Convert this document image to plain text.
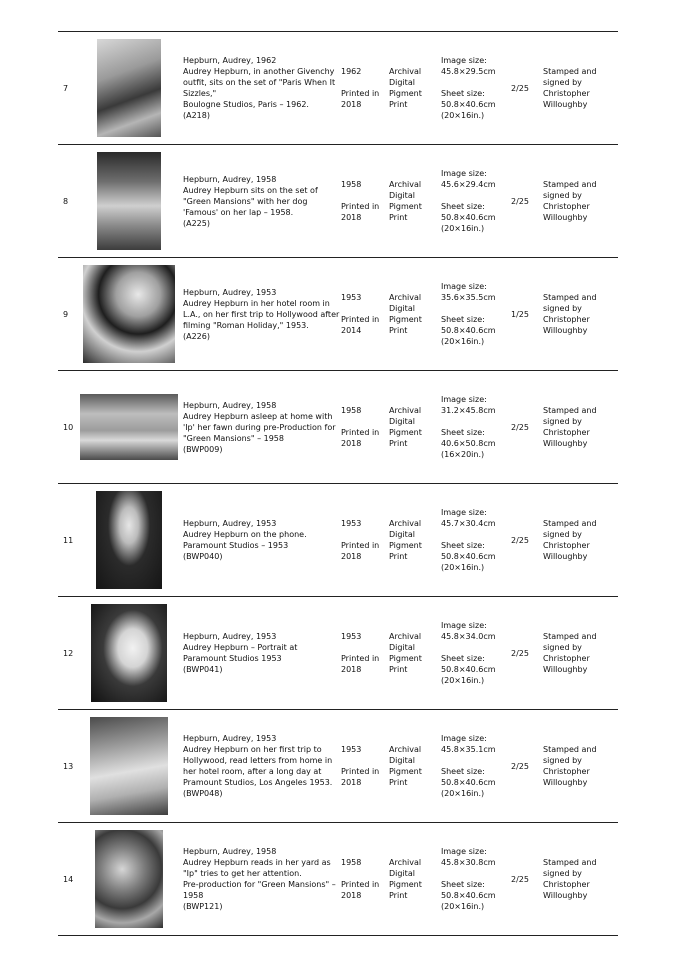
7
Hepburn, Audrey, 1962
Audrey Hepburn, in another Givenchy outfit, sits on the set of "Paris When It Sizzles,"
Boulogne Studios, Paris – 1962.
(A218)
1962
Printed in 2018
Archival
Digital
Pigment
Print
Image size:
45.8×29.5cm
Sheet size:
50.8×40.6cm
(20×16in.)
2/25
Stamped and
signed by
Christopher
Willoughby
8
Hepburn, Audrey, 1958
Audrey Hepburn sits on the set of "Green Mansions" with her dog 'Famous' on her lap – 1958.
(A225)
1958
Printed in 2018
Archival
Digital
Pigment
Print
Image size:
45.6×29.4cm
Sheet size:
50.8×40.6cm
(20×16in.)
2/25
Stamped and
signed by
Christopher
Willoughby
9
Hepburn, Audrey, 1953
Audrey Hepburn in her hotel room in L.A., on her first trip to Hollywood after filming "Roman Holiday," 1953.
(A226)
1953
Printed in 2014
Archival
Digital
Pigment
Print
Image size:
35.6×35.5cm
Sheet size:
50.8×40.6cm
(20×16in.)
1/25
Stamped and
signed by
Christopher
Willoughby
10
Hepburn, Audrey, 1958
Audrey Hepburn asleep at home with 'Ip' her fawn during pre-Production for "Green Mansions" – 1958
(BWP009)
1958
Printed in 2018
Archival
Digital
Pigment
Print
Image size:
31.2×45.8cm
Sheet size:
40.6×50.8cm
(16×20in.)
2/25
Stamped and
signed by
Christopher
Willoughby
11
Hepburn, Audrey, 1953
Audrey Hepburn on the phone.
Paramount Studios – 1953
(BWP040)
1953
Printed in 2018
Archival
Digital
Pigment
Print
Image size:
45.7×30.4cm
Sheet size:
50.8×40.6cm
(20×16in.)
2/25
Stamped and
signed by
Christopher
Willoughby
12
Hepburn, Audrey, 1953
Audrey Hepburn – Portrait at Paramount Studios 1953
(BWP041)
1953
Printed in 2018
Archival
Digital
Pigment
Print
Image size:
45.8×34.0cm
Sheet size:
50.8×40.6cm
(20×16in.)
2/25
Stamped and
signed by
Christopher
Willoughby
13
Hepburn, Audrey, 1953
Audrey Hepburn on her first trip to Hollywood, read letters from home in her hotel room, after a long day at Pramount Studios, Los Angeles 1953.
(BWP048)
1953
Printed in 2018
Archival
Digital
Pigment
Print
Image size:
45.8×35.1cm
Sheet size:
50.8×40.6cm
(20×16in.)
2/25
Stamped and
signed by
Christopher
Willoughby
14
Hepburn, Audrey, 1958
Audrey Hepburn reads in her yard as "Ip" tries to get her attention.
Pre-production for "Green Mansions" – 1958
(BWP121)
1958
Printed in 2018
Archival
Digital
Pigment
Print
Image size:
45.8×30.8cm
Sheet size:
50.8×40.6cm
(20×16in.)
2/25
Stamped and
signed by
Christopher
Willoughby
